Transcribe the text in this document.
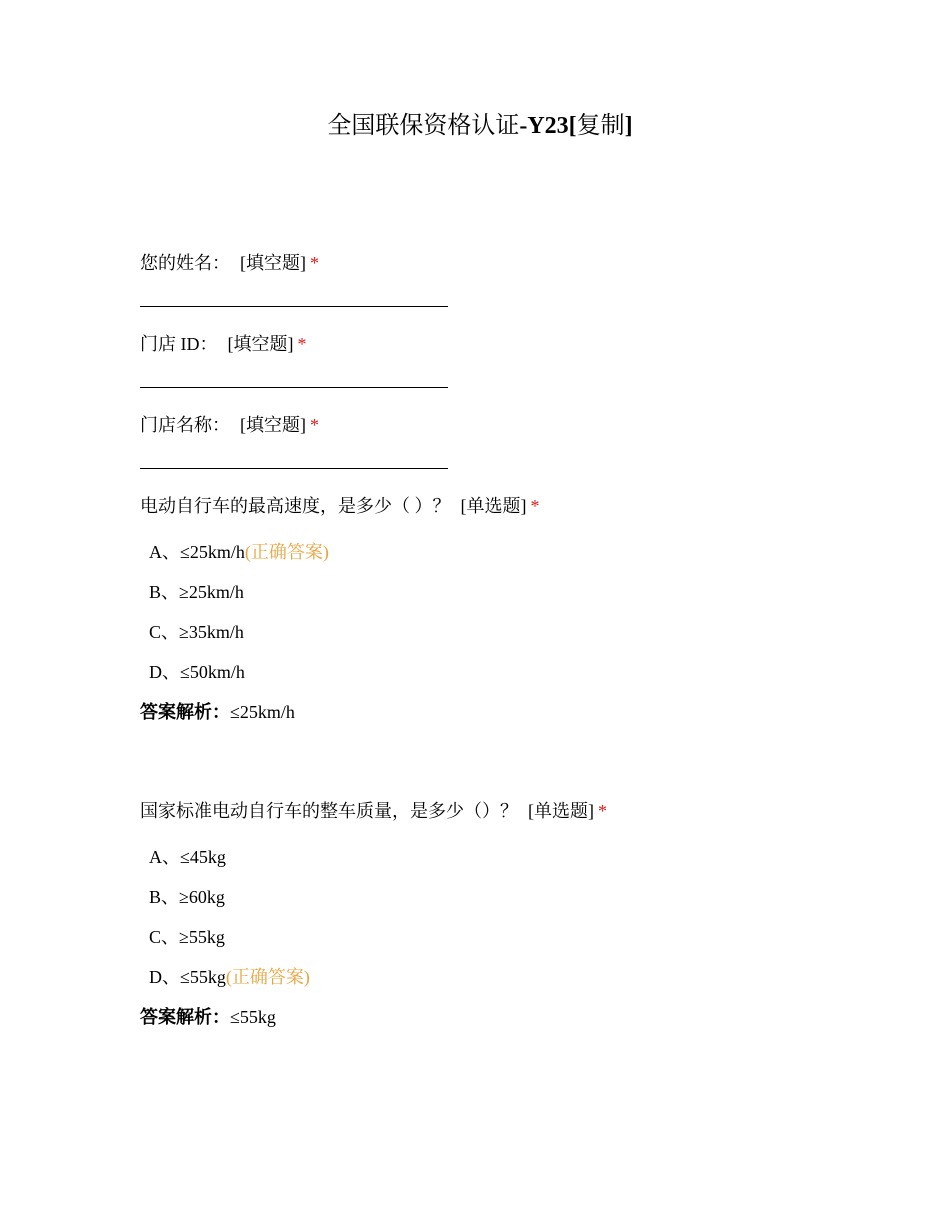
全国联保资格认证-Y23[复制]
您的姓名： [填空题] *
门店 ID： [填空题] *
门店名称： [填空题] *
电动自行车的最高速度，是多少（ ）？ [单选题] *
A、≤25km/h(正确答案)
B、≥25km/h
C、≥35km/h
D、≤50km/h
答案解析：≤25km/h
国家标准电动自行车的整车质量，是多少（）？ [单选题] *
A、≤45kg
B、≥60kg
C、≥55kg
D、≤55kg(正确答案)
答案解析：≤55kg
